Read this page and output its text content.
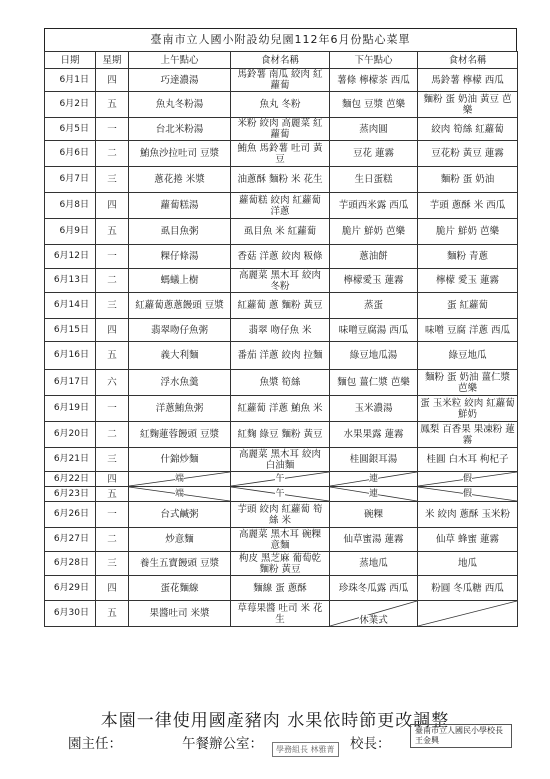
臺南市立人國小附設幼兒園112年6月份點心菜單
日期	星期	上午點心	食材名稱	下午點心	食材名稱
6月1日	四	巧達濃湯	馬鈴薯 南瓜 絞肉 紅蘿蔔	薯條 檸檬茶 西瓜	馬鈴薯 檸檬 西瓜
6月2日	五	魚丸冬粉湯	魚丸 冬粉	麵包 豆漿 芭樂	麵粉 蛋 奶油 黃豆 芭樂
6月5日	一	台北米粉湯	米粉 絞肉 高麗菜 紅蘿蔔	蒸肉圓	絞肉 筍絲 紅蘿蔔
6月6日	二	鮪魚沙拉吐司 豆漿	鮪魚 馬鈴薯 吐司 黃豆	豆花 蓮霧	豆花粉 黃豆 蓮霧
6月7日	三	蔥花捲 米漿	油蔥酥 麵粉 米 花生	生日蛋糕	麵粉 蛋 奶油
6月8日	四	蘿蔔糕湯	蘿蔔糕 絞肉 紅蘿蔔 洋蔥	芋頭西米露 西瓜	芋頭 蔥酥 米 西瓜
6月9日	五	虱目魚粥	虱目魚 米 紅蘿蔔	脆片 鮮奶 芭樂	脆片 鮮奶 芭樂
6月12日	一	粿仔條湯	香菇 洋蔥 絞肉 粄條	蔥油餅	麵粉 青蔥
6月13日	二	螞蟻上樹	高麗菜 黑木耳 絞肉 冬粉	檸檬愛玉 蓮霧	檸檬 愛玉 蓮霧
6月14日	三	紅蘿蔔蔥蔥饅頭 豆漿	紅蘿蔔 蔥 麵粉 黃豆	蒸蛋	蛋 紅蘿蔔
6月15日	四	翡翠吻仔魚粥	翡翠 吻仔魚 米	味噌豆腐湯 西瓜	味噌 豆腐 洋蔥 西瓜
6月16日	五	義大利麵	番茄 洋蔥 絞肉 拉麵	綠豆地瓜湯	綠豆地瓜
6月17日	六	浮水魚羹	魚漿 筍絲	麵包 薑仁漿 芭樂	麵粉 蛋 奶油 薑仁漿 芭樂
6月19日	一	洋蔥鮪魚粥	紅蘿蔔 洋蔥 鮪魚 米	玉米濃湯	蛋 玉米粒 絞肉 紅蘿蔔 鮮奶
6月20日	二	紅麴蓮蓉饅頭 豆漿	紅麴 綠豆 麵粉 黃豆	水果果露 蓮霧	鳳梨 百香果 果凍粉 蓮霧
6月21日	三	什錦炒麵	高麗菜 黑木耳 絞肉 白油麵	桂圓銀耳湯	桂圓 白木耳 枸杞子
6月22日	四	端	午	連	假

6月23日	五	端	午	連	假

6月26日	一	台式鹹粥	芋頭 絞肉 紅蘿蔔 筍絲 米	碗粿	米 絞肉 蔥酥 玉米粉
6月27日	二	炒意麵	高麗菜 黑木耳 碗粿 意麵	仙草蜜湯 蓮霧	仙草 蜂蜜 蓮霧
6月28日	三	養生五寶饅頭 豆漿	枸皮 黑芝麻 葡萄乾 麵粉 黃豆	蒸地瓜	地瓜
6月29日	四	蛋花麵線	麵線 蛋 蔥酥	珍珠冬瓜露 西瓜	粉圓 冬瓜糖 西瓜
6月30日	五	果醬吐司 米漿	草莓果醬 吐司 米 花生	休業式

本園一律使用國產豬肉 水果依時節更改調整
園主任：	午餐辦公室：	學務組長 林雅菁 校長：
臺南市立人國民小學校長 王金興
